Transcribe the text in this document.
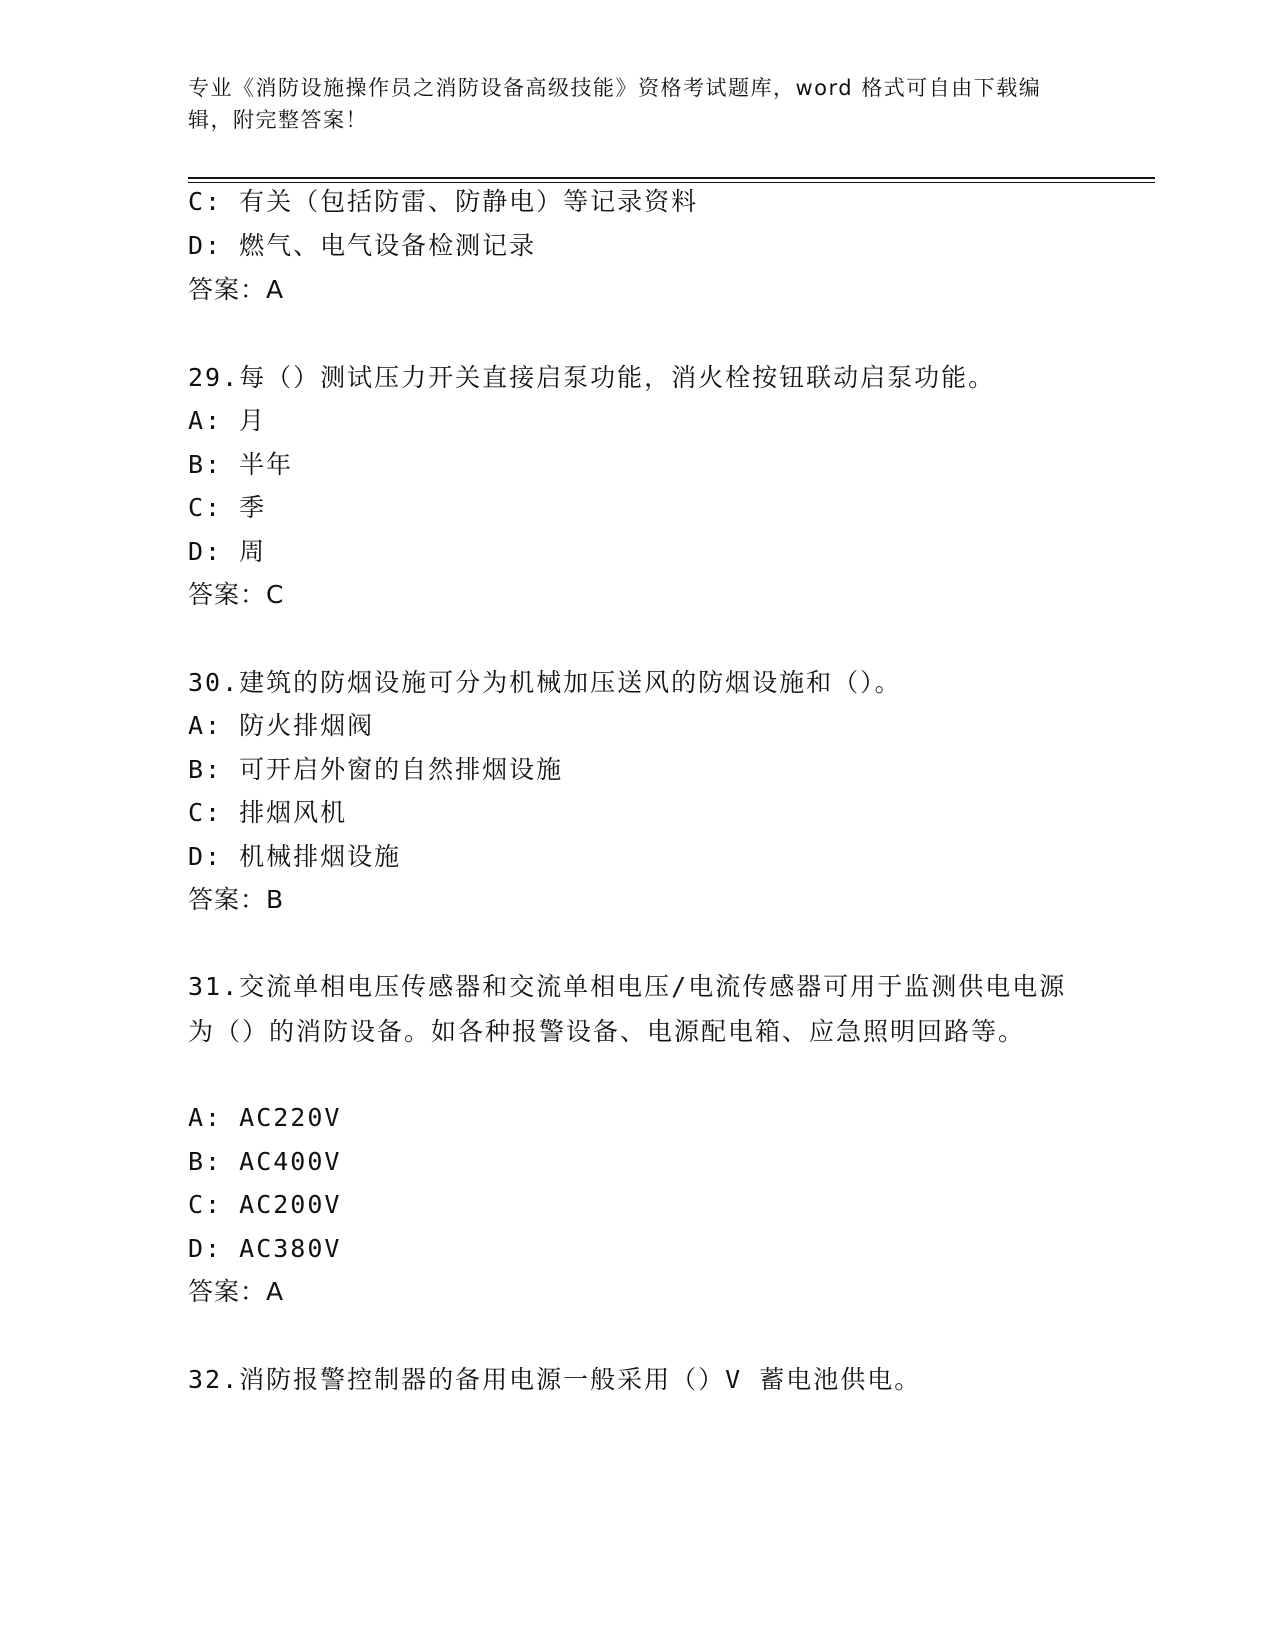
专业《消防设施操作员之消防设备高级技能》资格考试题库，word 格式可自由下载编辑，附完整答案！
C: 有关（包括防雷、防静电）等记录资料
D: 燃气、电气设备检测记录
答案：A
29.每（）测试压力开关直接启泵功能，消火栓按钮联动启泵功能。
A: 月
B: 半年
C: 季
D: 周
答案：C
30.建筑的防烟设施可分为机械加压送风的防烟设施和（）。
A: 防火排烟阀
B: 可开启外窗的自然排烟设施
C: 排烟风机
D: 机械排烟设施
答案：B
31.交流单相电压传感器和交流单相电压/电流传感器可用于监测供电电源为（）的消防设备。如各种报警设备、电源配电箱、应急照明回路等。
A: AC220V
B: AC400V
C: AC200V
D: AC380V
答案：A
32.消防报警控制器的备用电源一般采用（）V 蓄电池供电。
